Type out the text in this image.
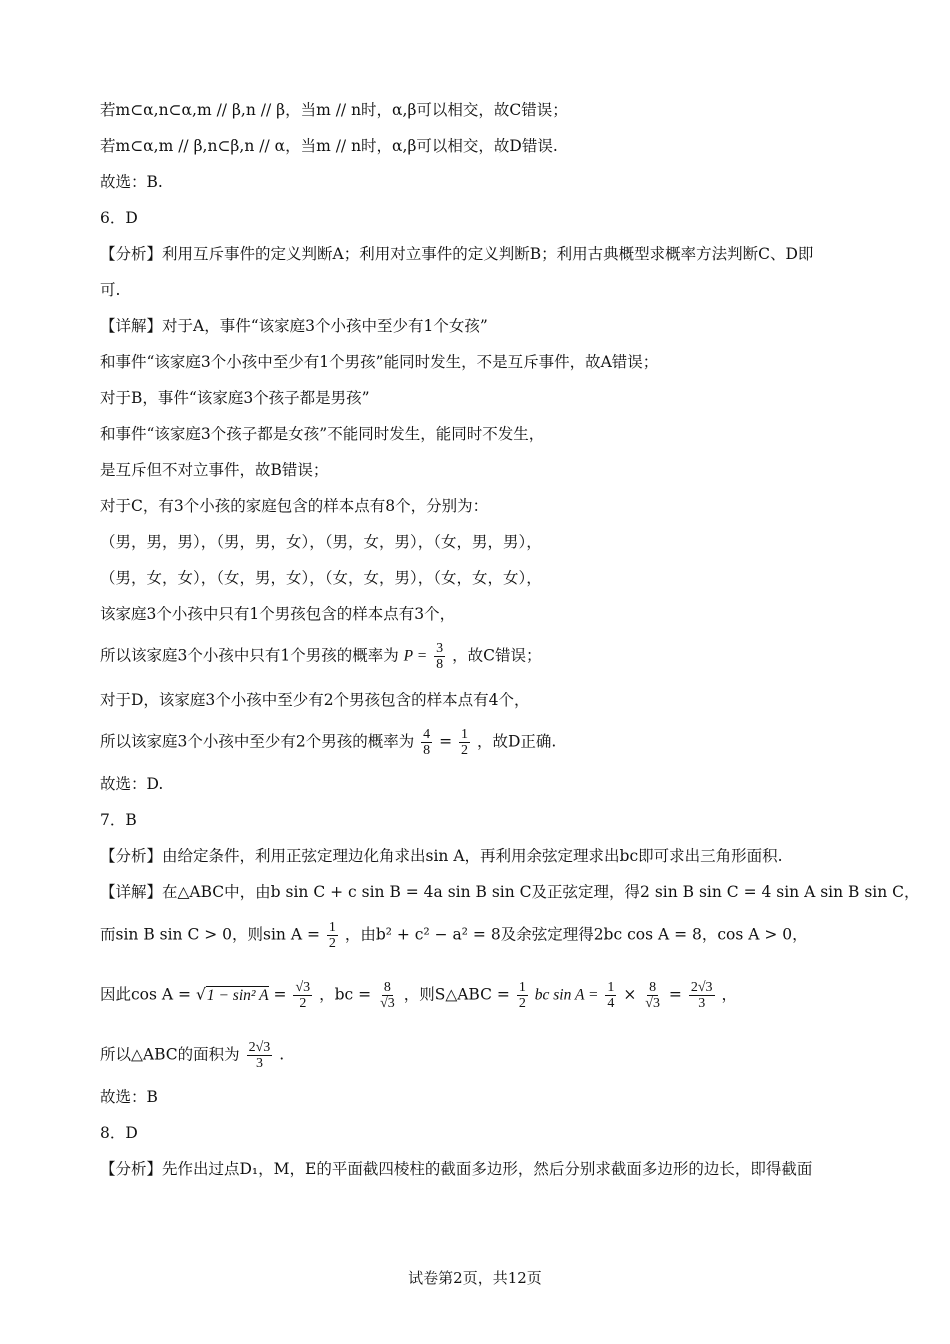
若m⊂α,n⊂α,m // β,n // β，当m // n时，α,β可以相交，故C错误；
若m⊂α,m // β,n⊂β,n // α，当m // n时，α,β可以相交，故D错误.
故选：B.
6．D
【分析】利用互斥事件的定义判断A；利用对立事件的定义判断B；利用古典概型求概率方法判断C、D即
可.
【详解】对于A，事件“该家庭3个小孩中至少有1个女孩”
和事件“该家庭3个小孩中至少有1个男孩”能同时发生，不是互斥事件，故A错误；
对于B，事件“该家庭3个孩子都是男孩”
和事件“该家庭3个孩子都是女孩”不能同时发生，能同时不发生，
是互斥但不对立事件，故B错误；
对于C，有3个小孩的家庭包含的样本点有8个，分别为：
（男，男，男），（男，男，女），（男，女，男），（女，男，男），
（男，女，女），（女，男，女），（女，女，男），（女，女，女），
该家庭3个小孩中只有1个男孩包含的样本点有3个，
所以该家庭3个小孩中只有1个男孩的概率为 $P = \frac{3}{8}$ ，故C错误；
对于D，该家庭3个小孩中至少有2个男孩包含的样本点有4个，
所以该家庭3个小孩中至少有2个男孩的概率为 $\frac{4}{8} = \frac{1}{2}$ ，故D正确.
故选：D.
7．B
【分析】由给定条件，利用正弦定理边化角求出sin A，再利用余弦定理求出bc即可求出三角形面积.
【详解】在△ABC中，由b sin C + c sin B = 4a sin B sin C及正弦定理，得2 sin B sin C = 4 sin A sin B sin C，
而sin B sin C > 0，则$\sin A = \frac{1}{2}$ ，由b² + c² − a² = 8及余弦定理得2bc cos A = 8，cos A > 0，
因此cos A = √1 − sin² $A = \frac{√3}{2}$ ，bc = $\frac{8}{√3}$ ，则S△ABC = $\frac{1}{2}$ bc $\sin A = \frac{1}{4} \times \frac{8}{√3} = \frac{2√3}{3}$ ，
所以△ABC的面积为 $\frac{2√3}{3}$ .
故选：B
8．D
【分析】先作出过点D₁，M，E的平面截四棱柱的截面多边形，然后分别求截面多边形的边长，即得截面
试卷第2页，共12页
